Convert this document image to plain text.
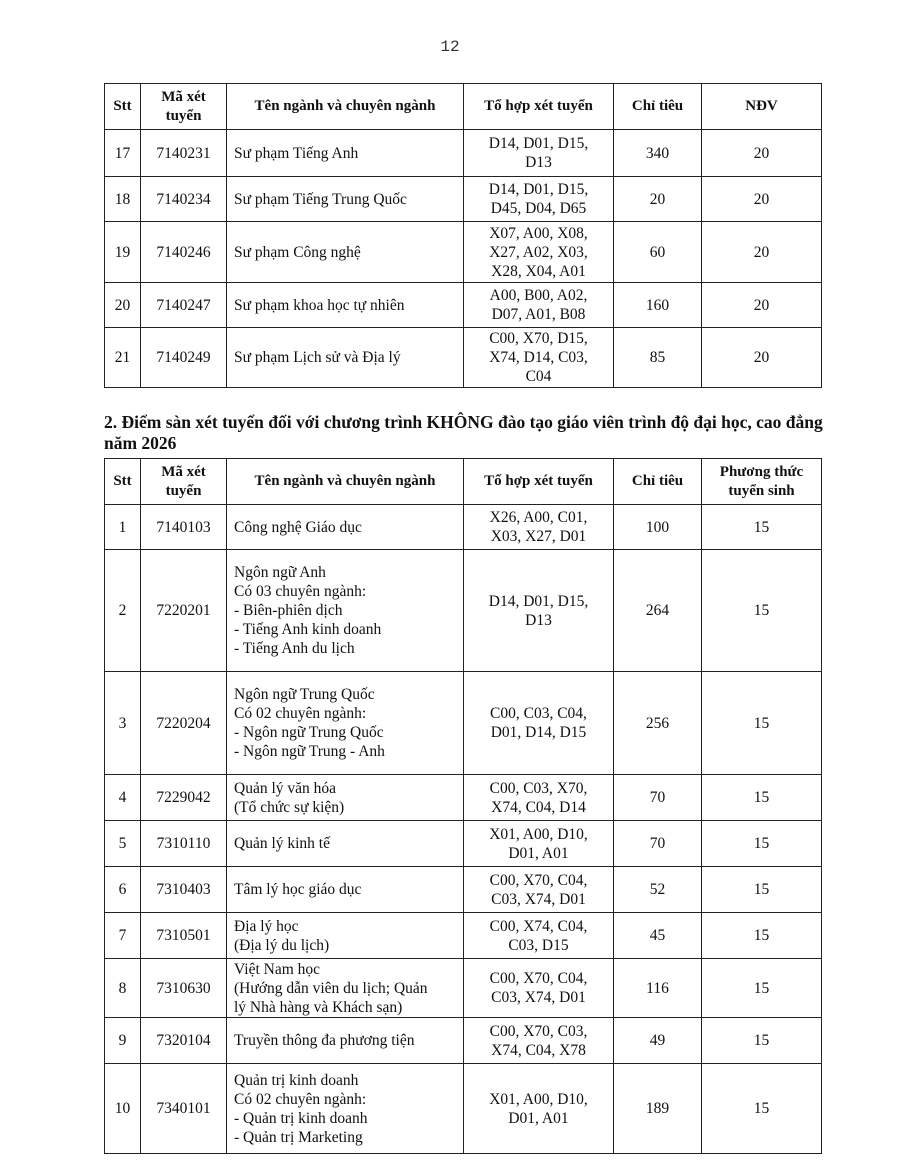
12
Stt	Mã xét
tuyển	Tên ngành và chuyên ngành	Tổ hợp xét tuyển	Chỉ tiêu	NĐV
17	7140231	Sư phạm Tiếng Anh	D14, D01, D15,
D13	340	20
18	7140234	Sư phạm Tiếng Trung Quốc	D14, D01, D15,
D45, D04, D65	20	20
19	7140246	Sư phạm Công nghệ	X07, A00, X08,
X27, A02, X03,
X28, X04, A01	60	20
20	7140247	Sư phạm khoa học tự nhiên	A00, B00, A02,
D07, A01, B08	160	20
21	7140249	Sư phạm Lịch sử và Địa lý	C00, X70, D15,
X74, D14, C03,
C04	85	20

2. Điểm sàn xét tuyển đối với chương trình KHÔNG đào tạo giáo viên trình độ đại học, cao đẳng năm 2026

Stt	Mã xét
tuyển	Tên ngành và chuyên ngành	Tổ hợp xét tuyển	Chỉ tiêu	Phương thức
tuyển sinh
1	7140103	Công nghệ Giáo dục	X26, A00, C01,
X03, X27, D01	100	15
2	7220201	Ngôn ngữ Anh
Có 03 chuyên ngành:
- Biên-phiên dịch
- Tiếng Anh kinh doanh
- Tiếng Anh du lịch	D14, D01, D15,
D13	264	15
3	7220204	Ngôn ngữ Trung Quốc
Có 02 chuyên ngành:
- Ngôn ngữ Trung Quốc
- Ngôn ngữ Trung - Anh	C00, C03, C04,
D01, D14, D15	256	15
4	7229042	Quản lý văn hóa
(Tổ chức sự kiện)	C00, C03, X70,
X74, C04, D14	70	15
5	7310110	Quản lý kinh tế	X01, A00, D10,
D01, A01	70	15
6	7310403	Tâm lý học giáo dục	C00, X70, C04,
C03, X74, D01	52	15
7	7310501	Địa lý học
(Địa lý du lịch)	C00, X74, C04,
C03, D15	45	15
8	7310630	Việt Nam học
(Hướng dẫn viên du lịch; Quản
lý Nhà hàng và Khách sạn)	C00, X70, C04,
C03, X74, D01	116	15
9	7320104	Truyền thông đa phương tiện	C00, X70, C03,
X74, C04, X78	49	15
10	7340101	Quản trị kinh doanh
Có 02 chuyên ngành:
- Quản trị kinh doanh
- Quản trị Marketing	X01, A00, D10,
D01, A01	189	15
